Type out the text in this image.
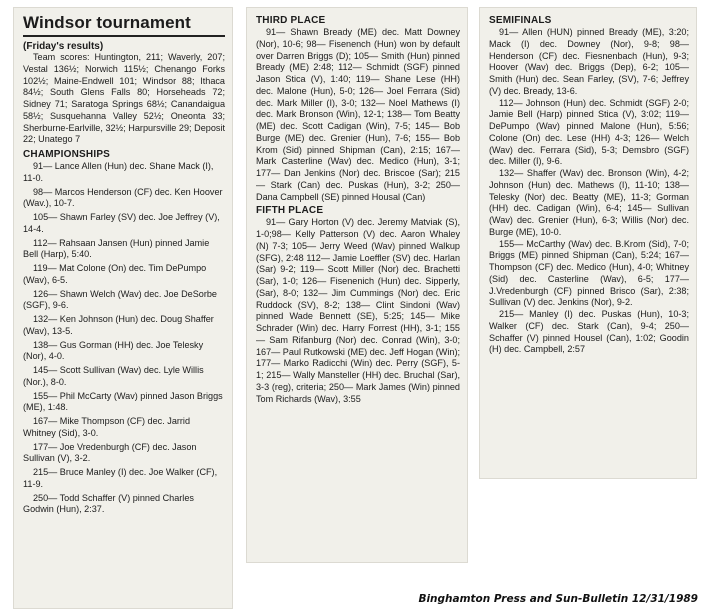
Windsor tournament
(Friday's results)
Team scores: Huntington, 211; Waverly, 207; Vestal 136½; Norwich 115½; Chenango Forks 102½; Maine-Endwell 101; Windsor 88; Ithaca 84½; South Glens Falls 80; Horseheads 72; Sidney 71; Saratoga Springs 68½; Canandaigua 58½; Susquehanna Valley 52½; Oneonta 33; Sherburne-Earlville, 32½; Harpursville 29; Deposit 22; Unatego 7
CHAMPIONSHIPS
91— Lance Allen (Hun) dec. Shane Mack (I), 11-0.
98— Marcos Henderson (CF) dec. Ken Hoover (Wav.), 10-7.
105— Shawn Farley (SV) dec. Joe Jeffrey (V), 14-4.
112— Rahsaan Jansen (Hun) pinned Jamie Bell (Harp), 5:40.
119— Mat Colone (On) dec. Tim DePumpo (Wav), 6-5.
126— Shawn Welch (Wav) dec. Joe DeSorbe (SGF), 9-6.
132— Ken Johnson (Hun) dec. Doug Shaffer (Wav), 13-5.
138— Gus Gorman (HH) dec. Joe Telesky (Nor), 4-0.
145— Scott Sullivan (Wav) dec. Lyle Willis (Nor.), 8-0.
155— Phil McCarty (Wav) pinned Jason Briggs (ME), 1:48.
167— Mike Thompson (CF) dec. Jarrid Whitney (Sid), 3-0.
177— Joe Vredenburgh (CF) dec. Jason Sullivan (V), 3-2.
215— Bruce Manley (I) dec. Joe Walker (CF), 11-9.
250— Todd Schaffer (V) pinned Charles Godwin (Hun), 2:37.
THIRD PLACE
91— Shawn Bready (ME) dec. Matt Downey (Nor), 10-6; 98— Fisenench (Hun) won by default over Darren Briggs (D); 105— Smith (Hun) pinned Bready (ME) 2:48; 112— Schmidt (SGF) pinned Jason Stica (V), 1:40; 119— Shane Lese (HH) dec. Malone (Hun), 5-0; 126— Joel Ferrara (Sid) dec. Mark Miller (I), 3-0; 132— Noel Mathews (I) dec. Mark Bronson (Win), 12-1; 138— Tom Beatty (ME) dec. Scott Cadigan (Win), 7-5; 145— Bob Burge (ME) dec. Grenier (Hun), 7-6; 155— Bob Krom (Sid) pinned Shipman (Can), 2:15; 167— Mark Casterline (Wav) dec. Medico (Hun), 3-1; 177— Dan Jenkins (Nor) dec. Briscoe (Sar); 215— Stark (Can) dec. Puskas (Hun), 3-2; 250— Dana Campbell (SE) pinned Housal (Can)
FIFTH PLACE
91— Gary Horton (V) dec. Jeremy Matviak (S), 1-0;98— Kelly Patterson (V) dec. Aaron Whaley (N) 7-3; 105— Jerry Weed (Wav) pinned Walkup (SFG), 2:48 112— Jamie Loeffler (SV) dec. Harlan (Sar) 9-2; 119— Scott Miller (Nor) dec. Brachetti (Sar), 1-0; 126— Fisenenich (Hun) dec. Sipperly, (Sar), 8-0; 132— Jim Cummings (Nor) dec. Eric Ruddock (SV), 8-2; 138— Clint Sindoni (Wav) pinned Wade Bennett (SE), 5:25; 145— Mike Schrader (Win) dec. Harry Forrest (HH), 3-1; 155— Sam Rifanburg (Nor) dec. Conrad (Win), 3-0; 167— Paul Rutkowski (ME) dec. Jeff Hogan (Win); 177— Marko Radicchi (Win) dec. Perry (SGF), 5-1; 215— Wally Mansteller (HH) dec. Bruchal (Sar), 3-3 (reg), criteria; 250— Mark James (Win) pinned Tom Richards (Wav), 3:55
SEMIFINALS
91— Allen (HUN) pinned Bready (ME), 3:20; Mack (I) dec. Downey (Nor), 9-8; 98— Henderson (CF) dec. Fiesnenbach (Hun), 9-3; Hoover (Wav) dec. Briggs (Dep), 6-2; 105— Smith (Hun) dec. Sean Farley, (SV), 7-6; Jeffrey (V) dec. Bready, 13-6.
112— Johnson (Hun) dec. Schmidt (SGF) 2-0; Jamie Bell (Harp) pinned Stica (V), 3:02; 119— DePumpo (Wav) pinned Malone (Hun), 5:56; Colone (On) dec. Lese (HH) 4-3; 126— Welch (Wav) dec. Ferrara (Sid), 5-3; Demsbro (SGF) dec. Miller (I), 9-6.
132— Shaffer (Wav) dec. Bronson (Win), 4-2; Johnson (Hun) dec. Mathews (I), 11-10; 138— Telesky (Nor) dec. Beatty (ME), 11-3; Gorman (HH) dec. Cadigan (Win), 6-4; 145— Sullivan (Wav) dec. Grenier (Hun), 6-3; Willis (Nor) dec. Burge (ME), 10-0.
155— McCarthy (Wav) dec. B.Krom (Sid), 7-0; Briggs (ME) pinned Shipman (Can), 5:24; 167— Thompson (CF) dec. Medico (Hun), 4-0; Whitney (Sid) dec. Casterline (Wav), 6-5; 177— J.Vredenburgh (CF) pinned Brisco (Sar), 2:38; Sullivan (V) dec. Jenkins (Nor), 9-2.
215— Manley (I) dec. Puskas (Hun), 10-3; Walker (CF) dec. Stark (Can), 9-4; 250— Schaffer (V) pinned Housel (Can), 1:02; Goodin (H) dec. Campbell, 2:57
Binghamton Press and Sun-Bulletin 12/31/1989
